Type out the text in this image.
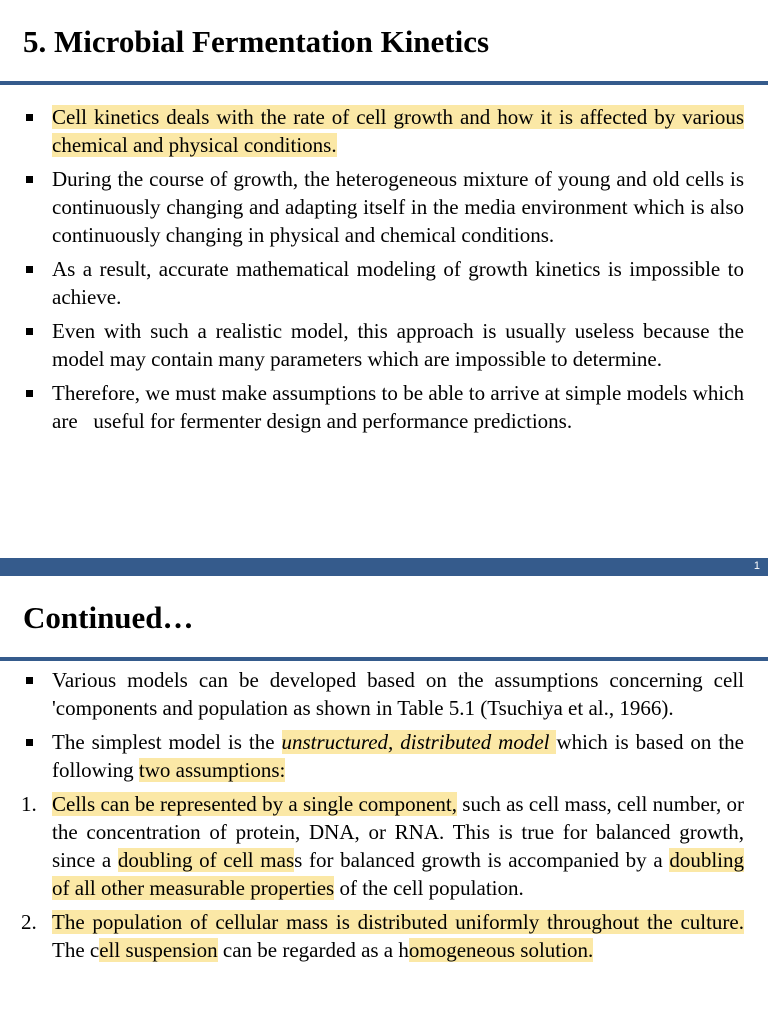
5. Microbial Fermentation Kinetics
Cell kinetics deals with the rate of cell growth and how it is affected by various chemical and physical conditions.
During the course of growth, the heterogeneous mixture of young and old cells is continuously changing and adapting itself in the media environment which is also continuously changing in physical and chemical conditions.
As a result, accurate mathematical modeling of growth kinetics is impossible to achieve.
Even with such a realistic model, this approach is usually useless because the model may contain many parameters which are impossible to determine.
Therefore, we must make assumptions to be able to arrive at simple models which are   useful for fermenter design and performance predictions.
1
Continued…
Various models can be developed based on the assumptions concerning cell 'components and population as shown in Table 5.1 (Tsuchiya et al., 1966).
The simplest model is the unstructured, distributed model which is based on the  following two assumptions:
1. Cells can be represented by a single component, such as cell mass, cell number, or the concentration of protein, DNA, or RNA. This is true for balanced growth, since a doubling of cell mass for balanced growth is accompanied by a doubling of all other measurable properties of the cell population.
2. The population of cellular mass is distributed uniformly throughout the culture. The cell suspension can be regarded as a homogeneous solution.
